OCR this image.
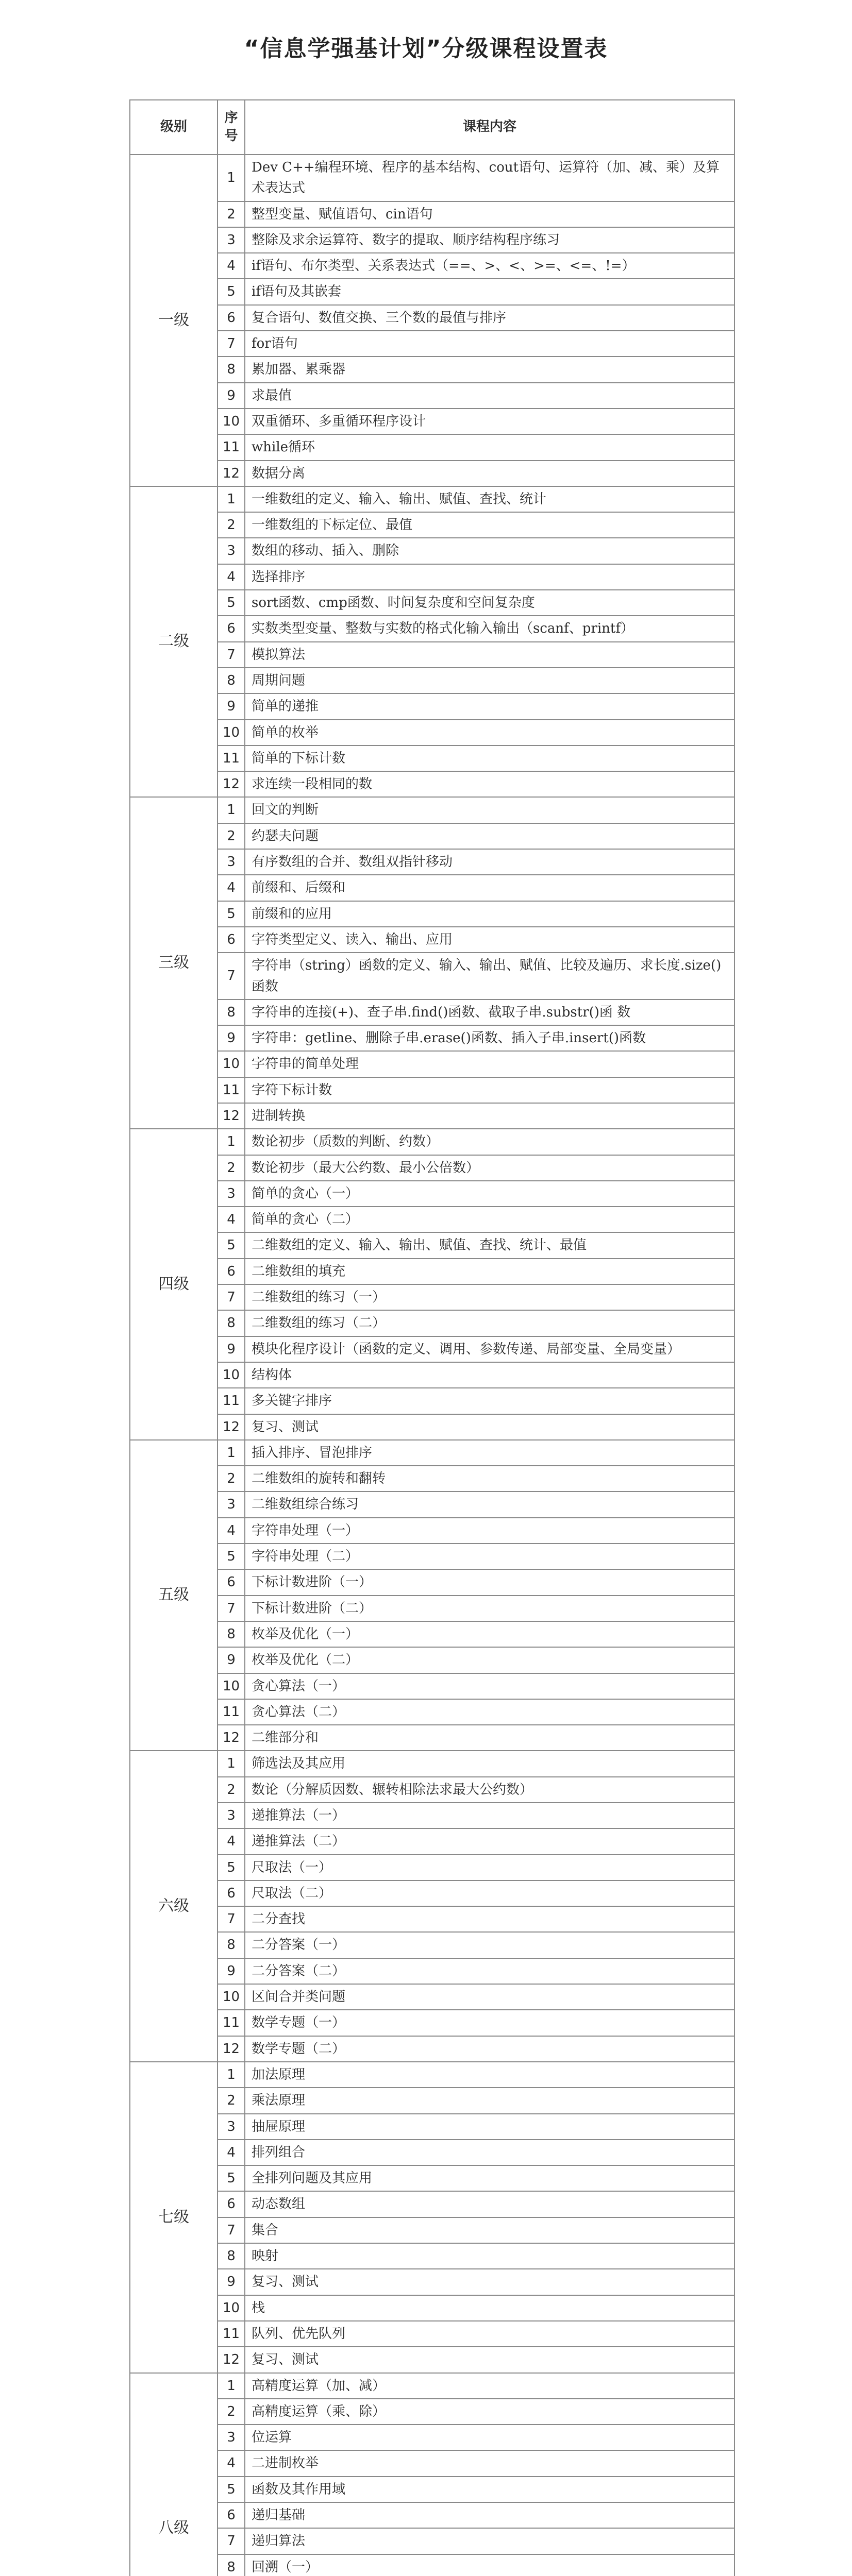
“信息学强基计划”分级课程设置表
级别	序号	课程内容
一级	1	Dev C++编程环境、程序的基本结构、cout语句、运算符（加、减、乘）及算术表达式
	2	整型变量、赋值语句、cin语句
	3	整除及求余运算符、数字的提取、顺序结构程序练习
	4	if语句、布尔类型、关系表达式（==、>、<、>=、<=、!=）
	5	if语句及其嵌套
	6	复合语句、数值交换、三个数的最值与排序
	7	for语句
	8	累加器、累乘器
	9	求最值
	10	双重循环、多重循环程序设计
	11	while循环
	12	数据分离
二级	1	一维数组的定义、输入、输出、赋值、查找、统计
	2	一维数组的下标定位、最值
	3	数组的移动、插入、删除
	4	选择排序
	5	sort函数、cmp函数、时间复杂度和空间复杂度
	6	实数类型变量、整数与实数的格式化输入输出（scanf、printf）
	7	模拟算法
	8	周期问题
	9	简单的递推
	10	简单的枚举
	11	简单的下标计数
	12	求连续一段相同的数
三级	1	回文的判断
	2	约瑟夫问题
	3	有序数组的合并、数组双指针移动
	4	前缀和、后缀和
	5	前缀和的应用
	6	字符类型定义、读入、输出、应用
	7	字符串（string）函数的定义、输入、输出、赋值、比较及遍历、求长度.size()函数
	8	字符串的连接(+)、查子串.find()函数、截取子串.substr()函 数
	9	字符串：getline、删除子串.erase()函数、插入子串.insert()函数
	10	字符串的简单处理
	11	字符下标计数
	12	进制转换
四级	1	数论初步（质数的判断、约数）
	2	数论初步（最大公约数、最小公倍数）
	3	简单的贪心（一）
	4	简单的贪心（二）
	5	二维数组的定义、输入、输出、赋值、查找、统计、最值
	6	二维数组的填充
	7	二维数组的练习（一）
	8	二维数组的练习（二）
	9	模块化程序设计（函数的定义、调用、参数传递、局部变量、全局变量）
	10	结构体
	11	多关键字排序
	12	复习、测试
五级	1	插入排序、冒泡排序
	2	二维数组的旋转和翻转
	3	二维数组综合练习
	4	字符串处理（一）
	5	字符串处理（二）
	6	下标计数进阶（一）
	7	下标计数进阶（二）
	8	枚举及优化（一）
	9	枚举及优化（二）
	10	贪心算法（一）
	11	贪心算法（二）
	12	二维部分和
六级	1	筛选法及其应用
	2	数论（分解质因数、辗转相除法求最大公约数）
	3	递推算法（一）
	4	递推算法（二）
	5	尺取法（一）
	6	尺取法（二）
	7	二分查找
	8	二分答案（一）
	9	二分答案（二）
	10	区间合并类问题
	11	数学专题（一）
	12	数学专题（二）
七级	1	加法原理
	2	乘法原理
	3	抽屉原理
	4	排列组合
	5	全排列问题及其应用
	6	动态数组
	7	集合
	8	映射
	9	复习、测试
	10	栈
	11	队列、优先队列
	12	复习、测试
八级	1	高精度运算（加、减）
	2	高精度运算（乘、除）
	3	位运算
	4	二进制枚举
	5	函数及其作用域
	6	递归基础
	7	递归算法
	8	回溯（一）
